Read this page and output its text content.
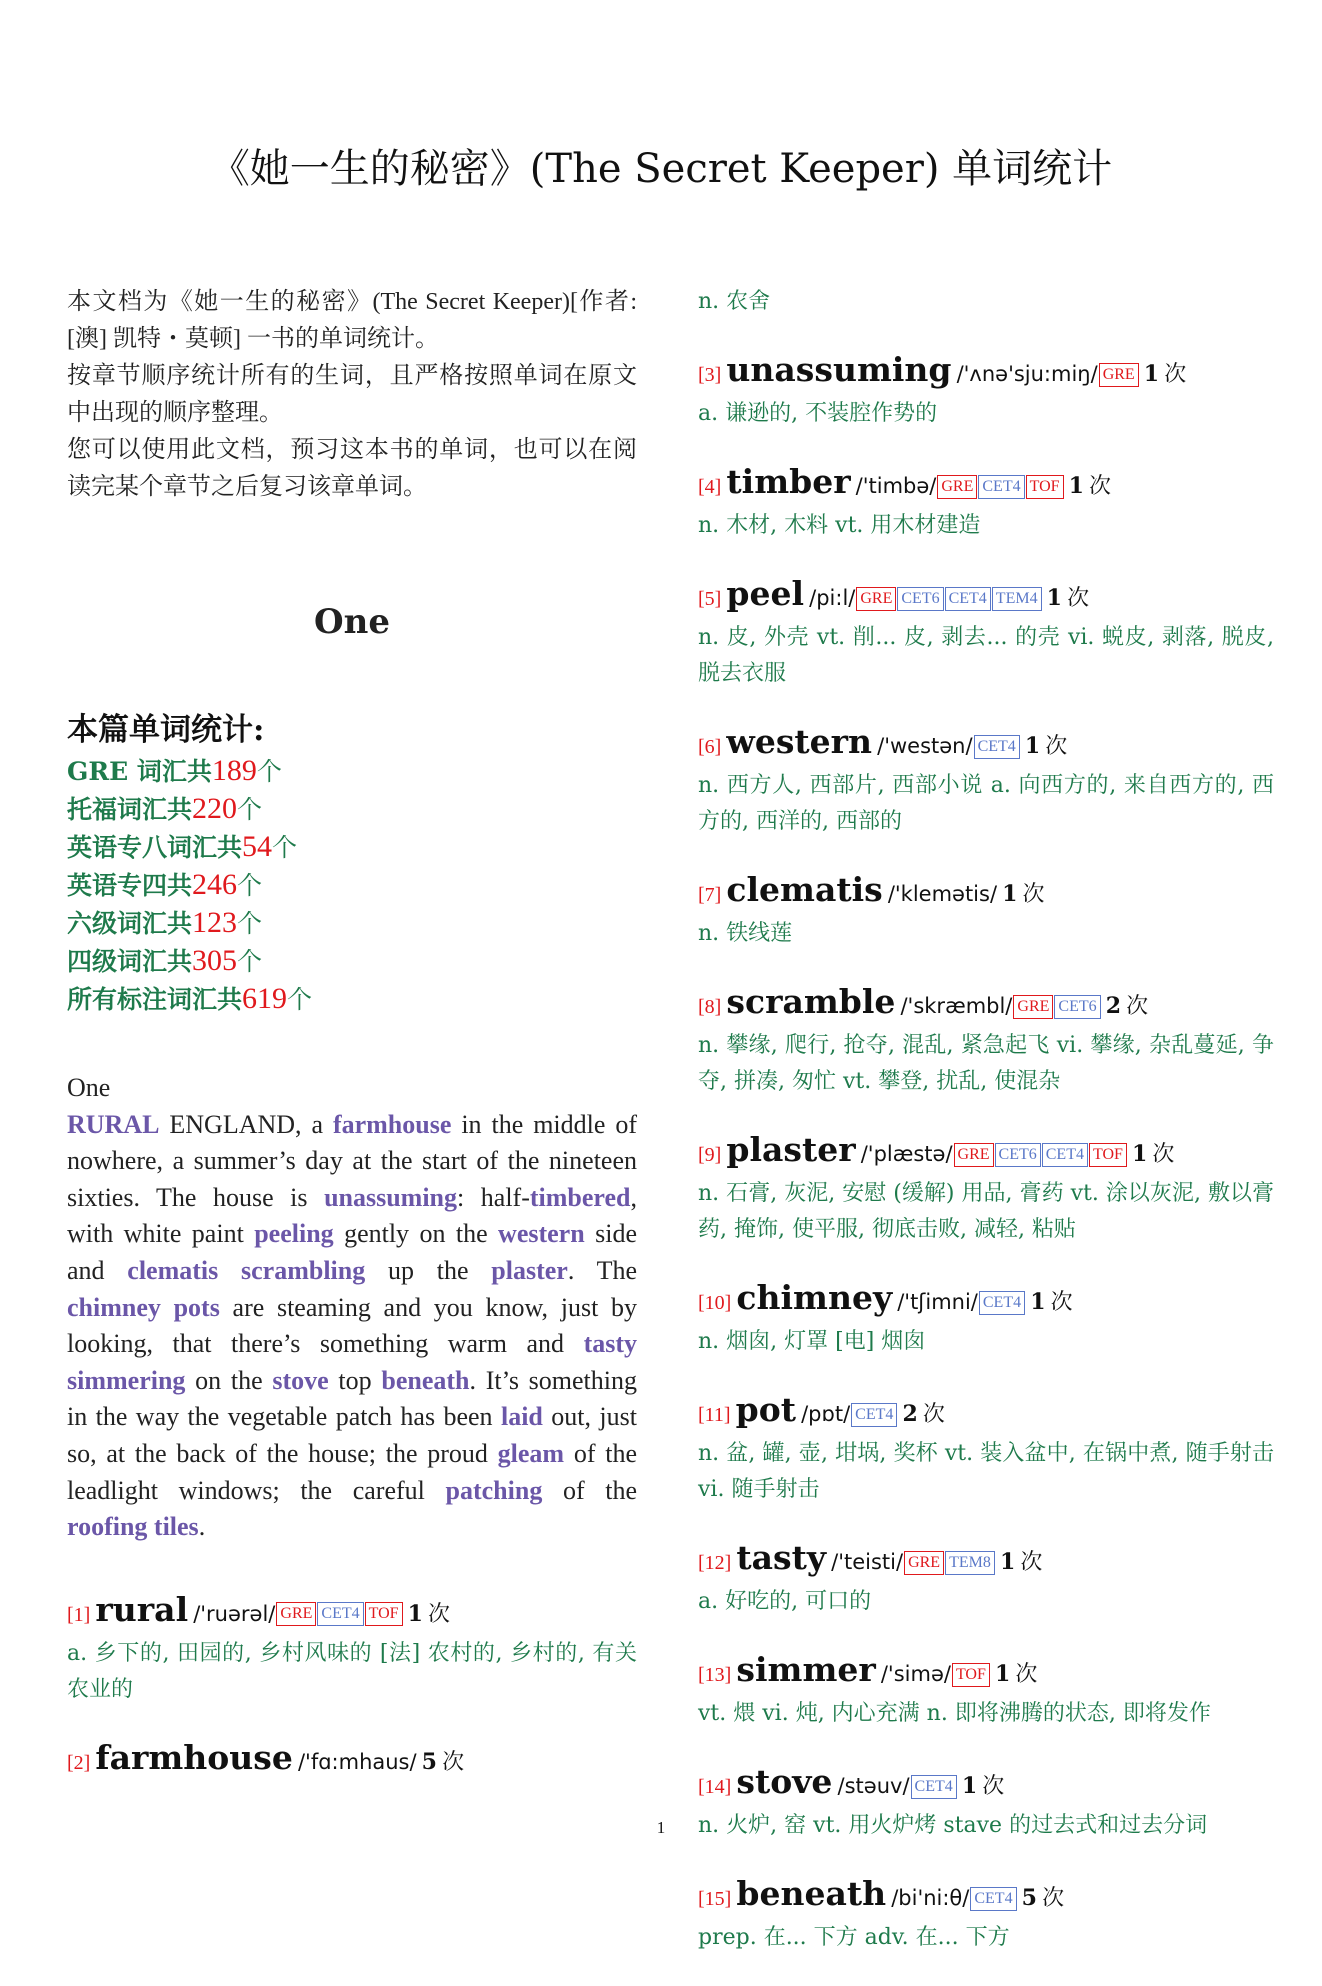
《她一生的秘密》(The Secret Keeper) 单词统计

本文档为《她一生的秘密》(The Secret Keeper)[作者: [澳] 凯特・莫顿] 一书的单词统计。

按章节顺序统计所有的生词，且严格按照单词在原文中出现的顺序整理。

您可以使用此文档，预习这本书的单词，也可以在阅读完某个章节之后复习该章单词。

One
本篇单词统计:
GRE 词汇共189个
托福词汇共220个
英语专八词汇共54个
英语专四共246个
六级词汇共123个
四级词汇共305个
所有标注词汇共619个

One

RURAL ENGLAND, a farmhouse in the middle of nowhere, a summer’s day at the start of the nineteen sixties. The house is unassuming: half-timbered, with white paint peeling gently on the western side and clematis scrambling up the plaster. The chimney pots are steaming and you know, just by looking, that there’s something warm and tasty simmering on the stove top beneath. It’s something in the way the vegetable patch has been laid out, just so, at the back of the house; the proud gleam of the leadlight windows; the careful patching of the roofing tiles.

[1] rural /'ruərəl/ GRE CET4 TOF 1 次
a. 乡下的, 田园的, 乡村风味的 [法] 农村的, 乡村的, 有关农业的
[2] farmhouse /'fɑ:mhaus/ 5 次
n. 农舍
[3] unassuming /'ʌnə'sju:miŋ/ GRE 1 次
a. 谦逊的, 不装腔作势的
[4] timber /'timbə/ GRE CET4 TOF 1 次
n. 木材, 木料 vt. 用木材建造
[5] peel /pi:l/ GRE CET6 CET4 TEM4 1 次
n. 皮, 外壳 vt. 削... 皮, 剥去... 的壳 vi. 蜕皮, 剥落, 脱皮, 脱去衣服
[6] western /'westən/ CET4 1 次
n. 西方人, 西部片, 西部小说 a. 向西方的, 来自西方的, 西方的, 西洋的, 西部的
[7] clematis /'klemətis/ 1 次
n. 铁线莲
[8] scramble /'skræmbl/ GRE CET6 2 次
n. 攀缘, 爬行, 抢夺, 混乱, 紧急起飞 vi. 攀缘, 杂乱蔓延, 争夺, 拼凑, 匆忙 vt. 攀登, 扰乱, 使混杂
[9] plaster /'plæstə/ GRE CET6 CET4 TOF 1 次
n. 石膏, 灰泥, 安慰 (缓解) 用品, 膏药 vt. 涂以灰泥, 敷以膏药, 掩饰, 使平服, 彻底击败, 减轻, 粘贴
[10] chimney /'tʃimni/ CET4 1 次
n. 烟囱, 灯罩 [电] 烟囱
[11] pot /pɒt/ CET4 2 次
n. 盆, 罐, 壶, 坩埚, 奖杯 vt. 装入盆中, 在锅中煮, 随手射击 vi. 随手射击
[12] tasty /'teisti/ GRE TEM8 1 次
a. 好吃的, 可口的
[13] simmer /'simə/ TOF 1 次
vt. 煨 vi. 炖, 内心充满 n. 即将沸腾的状态, 即将发作
[14] stove /stəuv/ CET4 1 次
n. 火炉, 窑 vt. 用火炉烤 stave 的过去式和过去分词
[15] beneath /bi'ni:θ/ CET4 5 次
prep. 在... 下方 adv. 在... 下方
1
